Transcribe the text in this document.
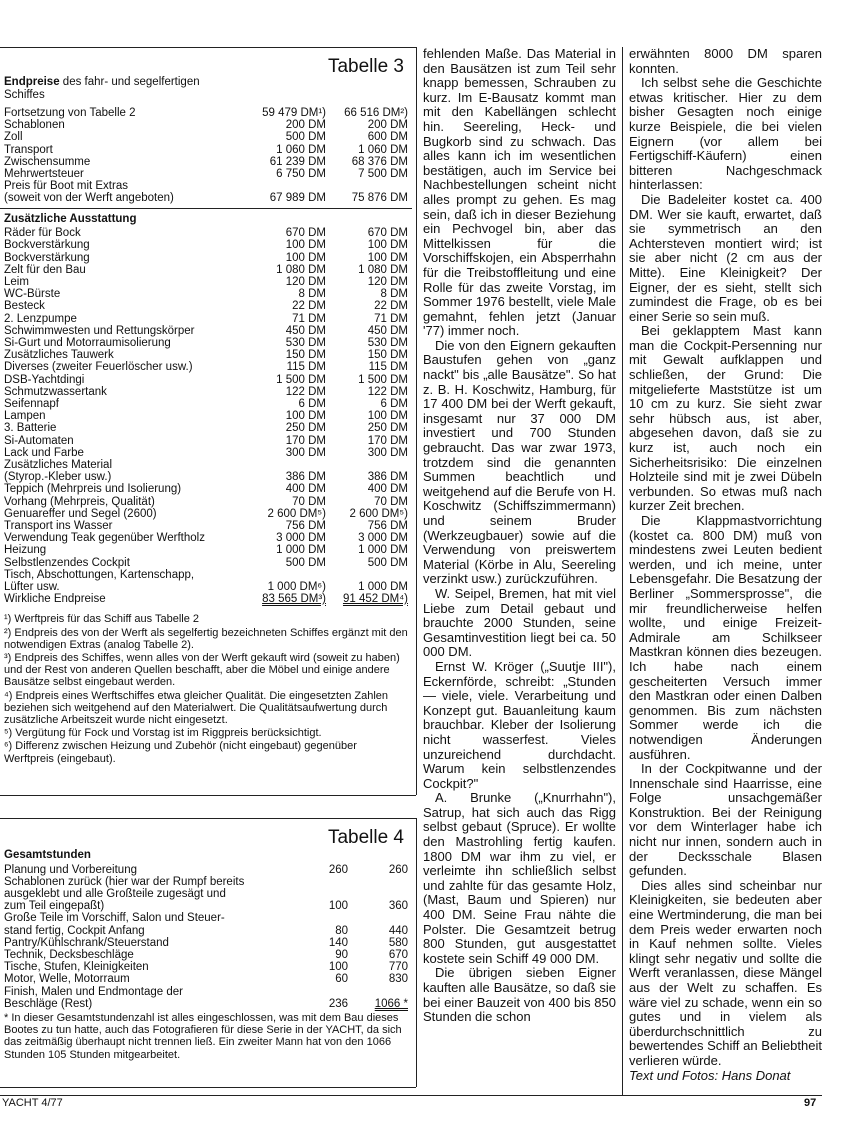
Tabelle 3
Endpreise des fahr- und segelfertigen
Schiffes
Fortsetzung von Tabelle 2	59 479 DM¹)	66 516 DM²)
Schablonen	200 DM	200 DM
Zoll	500 DM	600 DM
Transport	1 060 DM	1 060 DM
Zwischensumme	61 239 DM	68 376 DM
Mehrwertsteuer	6 750 DM	7 500 DM
Preis für Boot mit Extras
(soweit von der Werft angeboten)	67 989 DM	75 876 DM
Zusätzliche Ausstattung
Räder für Bock	670 DM	670 DM
Bockverstärkung	100 DM	100 DM
Bockverstärkung	100 DM	100 DM
Zelt für den Bau	1 080 DM	1 080 DM
Leim	120 DM	120 DM
WC-Bürste	8 DM	8 DM
Besteck	22 DM	22 DM
2. Lenzpumpe	71 DM	71 DM
Schwimmwesten und Rettungskörper	450 DM	450 DM
Si-Gurt und Motorraumisolierung	530 DM	530 DM
Zusätzliches Tauwerk	150 DM	150 DM
Diverses (zweiter Feuerlöscher usw.)	115 DM	115 DM
DSB-Yachtdingi	1 500 DM	1 500 DM
Schmutzwassertank	122 DM	122 DM
Seifennapf	6 DM	6 DM
Lampen	100 DM	100 DM
3. Batterie	250 DM	250 DM
Si-Automaten	170 DM	170 DM
Lack und Farbe	300 DM	300 DM
Zusätzliches Material
(Styrop.-Kleber usw.)	386 DM	386 DM
Teppich (Mehrpreis und Isolierung)	400 DM	400 DM
Vorhang (Mehrpreis, Qualität)	70 DM	70 DM
Genuareffer und Segel (2600)	2 600 DM⁵)	2 600 DM⁵)
Transport ins Wasser	756 DM	756 DM
Verwendung Teak gegenüber Werftholz	3 000 DM	3 000 DM
Heizung	1 000 DM	1 000 DM
Selbstlenzendes Cockpit	500 DM	500 DM
Tisch, Abschottungen, Kartenschapp,
Lüfter usw.	1 000 DM⁶)	1 000 DM
Wirkliche Endpreise	83 565 DM³)	91 452 DM⁴)
¹) Werftpreis für das Schiff aus Tabelle 2
²) Endpreis des von der Werft als segelfertig bezeichneten Schiffes ergänzt mit den notwendigen Extras (analog Tabelle 2).
³) Endpreis des Schiffes, wenn alles von der Werft gekauft wird (soweit zu haben) und der Rest von anderen Quellen beschafft, aber die Möbel und einige andere Bausätze selbst eingebaut werden.
⁴) Endpreis eines Werftschiffes etwa gleicher Qualität. Die eingesetzten Zahlen beziehen sich weitgehend auf den Materialwert. Die Qualitätsaufwertung durch zusätzliche Arbeitszeit wurde nicht eingesetzt.
⁵) Vergütung für Fock und Vorstag ist im Riggpreis berücksichtigt.
⁶) Differenz zwischen Heizung und Zubehör (nicht eingebaut) gegenüber Werftpreis (eingebaut).
Tabelle 4
Gesamtstunden
Planung und Vorbereitung	260	260
Schablonen zurück (hier war der Rumpf bereits
ausgeklebt und alle Großteile zugesägt und
zum Teil eingepaßt)	100	360
Große Teile im Vorschiff, Salon und Steuer-
stand fertig, Cockpit Anfang	80	440
Pantry/Kühlschrank/Steuerstand	140	580
Technik, Decksbeschläge	90	670
Tische, Stufen, Kleinigkeiten	100	770
Motor, Welle, Motorraum	60	830
Finish, Malen und Endmontage der
Beschläge (Rest)	236	1066 *
* In dieser Gesamtstundenzahl ist alles eingeschlossen, was mit dem Bau dieses Bootes zu tun hatte, auch das Fotografieren für diese Serie in der YACHT, da sich das zeitmäßig überhaupt nicht trennen ließ. Ein zweiter Mann hat von den 1066 Stunden 105 Stunden mitgearbeitet.

fehlenden Maße. Das Material in den Bausätzen ist zum Teil sehr knapp bemessen, Schrauben zu kurz. Im E-Bausatz kommt man mit den Kabellängen schlecht hin. Seereling, Heck- und Bugkorb sind zu schwach. Das alles kann ich im wesentlichen bestätigen, auch im Service bei Nachbestellungen scheint nicht alles prompt zu gehen. Es mag sein, daß ich in dieser Beziehung ein Pechvogel bin, aber das Mittelkissen für die Vorschiffskojen, ein Absperrhahn für die Treibstoffleitung und eine Rolle für das zweite Vorstag, im Sommer 1976 bestellt, viele Male gemahnt, fehlen jetzt (Januar '77) immer noch.

Die von den Eignern gekauften Baustufen gehen von „ganz nackt" bis „alle Bausätze". So hat z. B. H. Koschwitz, Hamburg, für 17 400 DM bei der Werft gekauft, insgesamt nur 37 000 DM investiert und 700 Stunden gebraucht. Das war zwar 1973, trotzdem sind die genannten Summen beachtlich und weitgehend auf die Berufe von H. Koschwitz (Schiffszimmermann) und seinem Bruder (Werkzeugbauer) sowie auf die Verwendung von preiswertem Material (Körbe in Alu, Seereling verzinkt usw.) zurückzuführen.

W. Seipel, Bremen, hat mit viel Liebe zum Detail gebaut und brauchte 2000 Stunden, seine Gesamtinvestition liegt bei ca. 50 000 DM.

Ernst W. Kröger („Suutje III"), Eckernförde, schreibt: „Stunden — viele, viele. Verarbeitung und Konzept gut. Bauanleitung kaum brauchbar. Kleber der Isolierung nicht wasserfest. Vieles unzureichend durchdacht. Warum kein selbstlenzendes Cockpit?"

A. Brunke („Knurrhahn"), Satrup, hat sich auch das Rigg selbst gebaut (Spruce). Er wollte den Mastrohling fertig kaufen. 1800 DM war ihm zu viel, er verleimte ihn schließlich selbst und zahlte für das gesamte Holz, (Mast, Baum und Spieren) nur 400 DM. Seine Frau nähte die Polster. Die Gesamtzeit betrug 800 Stunden, gut ausgestattet kostete sein Schiff 49 000 DM.

Die übrigen sieben Eigner kauften alle Bausätze, so daß sie bei einer Bauzeit von 400 bis 850 Stunden die schon

erwähnten 8000 DM sparen konnten.

Ich selbst sehe die Geschichte etwas kritischer. Hier zu dem bisher Gesagten noch einige kurze Beispiele, die bei vielen Eignern (vor allem bei Fertigschiff-Käufern) einen bitteren Nachgeschmack hinterlassen:

Die Badeleiter kostet ca. 400 DM. Wer sie kauft, erwartet, daß sie symmetrisch an den Achtersteven montiert wird; ist sie aber nicht (2 cm aus der Mitte). Eine Kleinigkeit? Der Eigner, der es sieht, stellt sich zumindest die Frage, ob es bei einer Serie so sein muß.

Bei geklapptem Mast kann man die Cockpit-Persenning nur mit Gewalt aufklappen und schließen, der Grund: Die mitgelieferte Maststütze ist um 10 cm zu kurz. Sie sieht zwar sehr hübsch aus, ist aber, abgesehen davon, daß sie zu kurz ist, auch noch ein Sicherheitsrisiko: Die einzelnen Holzteile sind mit je zwei Dübeln verbunden. So etwas muß nach kurzer Zeit brechen.

Die Klappmastvorrichtung (kostet ca. 800 DM) muß von mindestens zwei Leuten bedient werden, und ich meine, unter Lebensgefahr. Die Besatzung der Berliner „Sommersprosse", die mir freundlicherweise helfen wollte, und einige Freizeit-Admirale am Schilkseer Mastkran können dies bezeugen. Ich habe nach einem gescheiterten Versuch immer den Mastkran oder einen Dalben genommen. Bis zum nächsten Sommer werde ich die notwendigen Änderungen ausführen.

In der Cockpitwanne und der Innenschale sind Haarrisse, eine Folge unsachgemäßer Konstruktion. Bei der Reinigung vor dem Winterlager habe ich nicht nur innen, sondern auch in der Decksschale Blasen gefunden.

Dies alles sind scheinbar nur Kleinigkeiten, sie bedeuten aber eine Wertminderung, die man bei dem Preis weder erwarten noch in Kauf nehmen sollte. Vieles klingt sehr negativ und sollte die Werft veranlassen, diese Mängel aus der Welt zu schaffen. Es wäre viel zu schade, wenn ein so gutes und in vielem als überdurchschnittlich zu bewertendes Schiff an Beliebtheit verlieren würde.

Text und Fotos: Hans Donat
YACHT 4/77	97
